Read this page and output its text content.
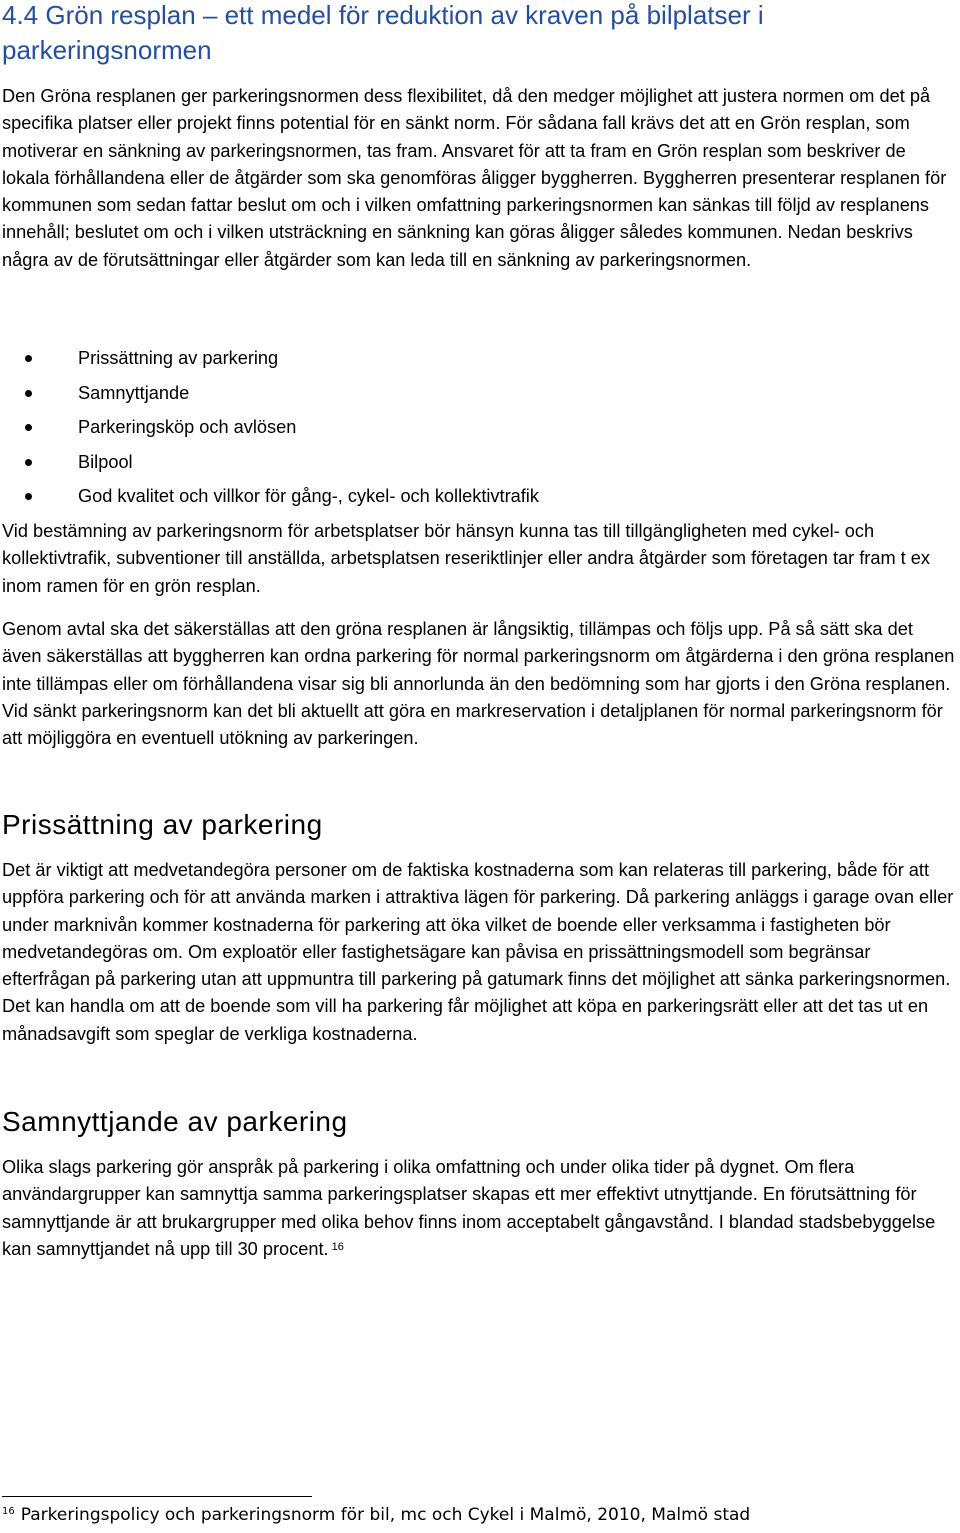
4.4 Grön resplan – ett medel för reduktion av kraven på bilplatser i parkeringsnormen

Den Gröna resplanen ger parkeringsnormen dess flexibilitet, då den medger möjlighet att justera normen om det på specifika platser eller projekt finns potential för en sänkt norm. För sådana fall krävs det att en Grön resplan, som motiverar en sänkning av parkeringsnormen, tas fram. Ansvaret för att ta fram en Grön resplan som beskriver de lokala förhållandena eller de åtgärder som ska genomföras åligger byggherren. Byggherren presenterar resplanen för kommunen som sedan fattar beslut om och i vilken omfattning parkeringsnormen kan sänkas till följd av resplanens innehåll; beslutet om och i vilken utsträckning en sänkning kan göras åligger således kommunen. Nedan beskrivs några av de förutsättningar eller åtgärder som kan leda till en sänkning av parkeringsnormen.

Prissättning av parkering
Samnyttjande
Parkeringsköp och avlösen
Bilpool
God kvalitet och villkor för gång-, cykel- och kollektivtrafik

Vid bestämning av parkeringsnorm för arbetsplatser bör hänsyn kunna tas till tillgängligheten med cykel- och kollektivtrafik, subventioner till anställda, arbetsplatsen reseriktlinjer eller andra åtgärder som företagen tar fram t ex inom ramen för en grön resplan.

Genom avtal ska det säkerställas att den gröna resplanen är långsiktig, tillämpas och följs upp. På så sätt ska det även säkerställas att byggherren kan ordna parkering för normal parkeringsnorm om åtgärderna i den gröna resplanen inte tillämpas eller om förhållandena visar sig bli annorlunda än den bedömning som har gjorts i den Gröna resplanen. Vid sänkt parkeringsnorm kan det bli aktuellt att göra en markreservation i detaljplanen för normal parkeringsnorm för att möjliggöra en eventuell utökning av parkeringen.

Prissättning av parkering

Det är viktigt att medvetandegöra personer om de faktiska kostnaderna som kan relateras till parkering, både för att uppföra parkering och för att använda marken i attraktiva lägen för parkering. Då parkering anläggs i garage ovan eller under marknivån kommer kostnaderna för parkering att öka vilket de boende eller verksamma i fastigheten bör medvetandegöras om. Om exploatör eller fastighetsägare kan påvisa en prissättningsmodell som begränsar efterfrågan på parkering utan att uppmuntra till parkering på gatumark finns det möjlighet att sänka parkeringsnormen. Det kan handla om att de boende som vill ha parkering får möjlighet att köpa en parkeringsrätt eller att det tas ut en månadsavgift som speglar de verkliga kostnaderna.

Samnyttjande av parkering

Olika slags parkering gör anspråk på parkering i olika omfattning och under olika tider på dygnet. Om flera användargrupper kan samnyttja samma parkeringsplatser skapas ett mer effektivt utnyttjande. En förutsättning för samnyttjande är att brukargrupper med olika behov finns inom acceptabelt gångavstånd. I blandad stadsbebyggelse kan samnyttjandet nå upp till 30 procent. $^{16}$

$^{16}$ Parkeringspolicy och parkeringsnorm för bil, mc och Cykel i Malmö, 2010, Malmö stad
